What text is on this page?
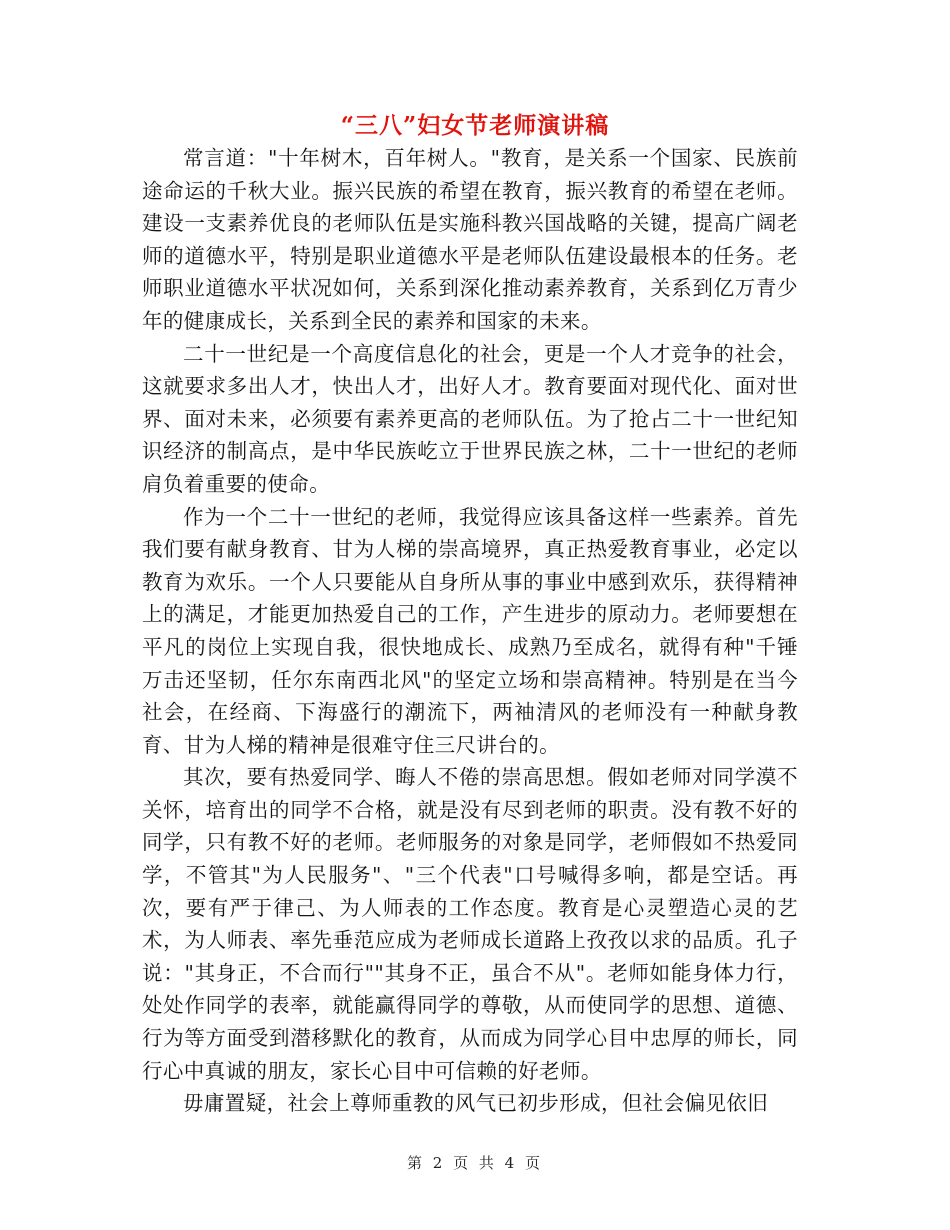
“三八”妇女节老师演讲稿

常言道："十年树木，百年树人。"教育，是关系一个国家、民族前途命运的千秋大业。振兴民族的希望在教育，振兴教育的希望在老师。建设一支素养优良的老师队伍是实施科教兴国战略的关键，提高广阔老师的道德水平，特别是职业道德水平是老师队伍建设最根本的任务。老师职业道德水平状况如何，关系到深化推动素养教育，关系到亿万青少年的健康成长，关系到全民的素养和国家的未来。

二十一世纪是一个高度信息化的社会，更是一个人才竞争的社会，这就要求多出人才，快出人才，出好人才。教育要面对现代化、面对世界、面对未来，必须要有素养更高的老师队伍。为了抢占二十一世纪知识经济的制高点，是中华民族屹立于世界民族之林，二十一世纪的老师肩负着重要的使命。

作为一个二十一世纪的老师，我觉得应该具备这样一些素养。首先我们要有献身教育、甘为人梯的崇高境界，真正热爱教育事业，必定以教育为欢乐。一个人只要能从自身所从事的事业中感到欢乐，获得精神上的满足，才能更加热爱自己的工作，产生进步的原动力。老师要想在平凡的岗位上实现自我，很快地成长、成熟乃至成名，就得有种"千锤万击还坚韧，任尔东南西北风"的坚定立场和崇高精神。特别是在当今社会，在经商、下海盛行的潮流下，两袖清风的老师没有一种献身教育、甘为人梯的精神是很难守住三尺讲台的。

其次，要有热爱同学、晦人不倦的崇高思想。假如老师对同学漠不关怀，培育出的同学不合格，就是没有尽到老师的职责。没有教不好的同学，只有教不好的老师。老师服务的对象是同学，老师假如不热爱同学，不管其"为人民服务"、"三个代表"口号喊得多响，都是空话。再次，要有严于律己、为人师表的工作态度。教育是心灵塑造心灵的艺术，为人师表、率先垂范应成为老师成长道路上孜孜以求的品质。孔子说："其身正，不合而行""其身不正，虽合不从"。老师如能身体力行，处处作同学的表率，就能赢得同学的尊敬，从而使同学的思想、道德、行为等方面受到潜移默化的教育，从而成为同学心目中忠厚的师长，同行心中真诚的朋友，家长心目中可信赖的好老师。

毋庸置疑，社会上尊师重教的风气已初步形成，但社会偏见依旧

第 2 页 共 4 页
